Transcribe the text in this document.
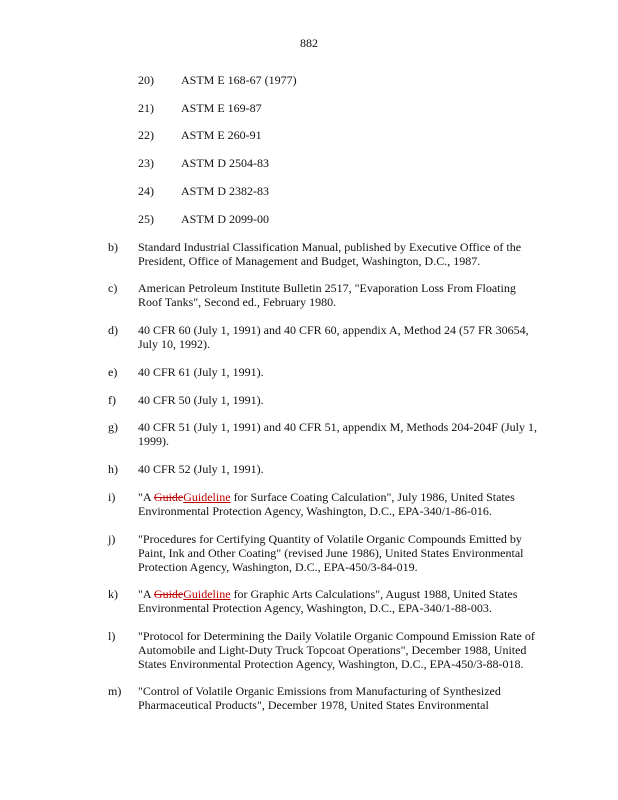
882
20) ASTM E 168-67 (1977)
21) ASTM E 169-87
22) ASTM E 260-91
23) ASTM D 2504-83
24) ASTM D 2382-83
25) ASTM D 2099-00
b) Standard Industrial Classification Manual, published by Executive Office of the President, Office of Management and Budget, Washington, D.C., 1987.
c) American Petroleum Institute Bulletin 2517, "Evaporation Loss From Floating Roof Tanks", Second ed., February 1980.
d) 40 CFR 60 (July 1, 1991) and 40 CFR 60, appendix A, Method 24 (57 FR 30654, July 10, 1992).
e) 40 CFR 61 (July 1, 1991).
f) 40 CFR 50 (July 1, 1991).
g) 40 CFR 51 (July 1, 1991) and 40 CFR 51, appendix M, Methods 204-204F (July 1, 1999).
h) 40 CFR 52 (July 1, 1991).
i) "A GuideGuideline for Surface Coating Calculation", July 1986, United States Environmental Protection Agency, Washington, D.C., EPA-340/1-86-016.
j) "Procedures for Certifying Quantity of Volatile Organic Compounds Emitted by Paint, Ink and Other Coating" (revised June 1986), United States Environmental Protection Agency, Washington, D.C., EPA-450/3-84-019.
k) "A GuideGuideline for Graphic Arts Calculations", August 1988, United States Environmental Protection Agency, Washington, D.C., EPA-340/1-88-003.
l) "Protocol for Determining the Daily Volatile Organic Compound Emission Rate of Automobile and Light-Duty Truck Topcoat Operations", December 1988, United States Environmental Protection Agency, Washington, D.C., EPA-450/3-88-018.
m) "Control of Volatile Organic Emissions from Manufacturing of Synthesized Pharmaceutical Products", December 1978, United States Environmental
